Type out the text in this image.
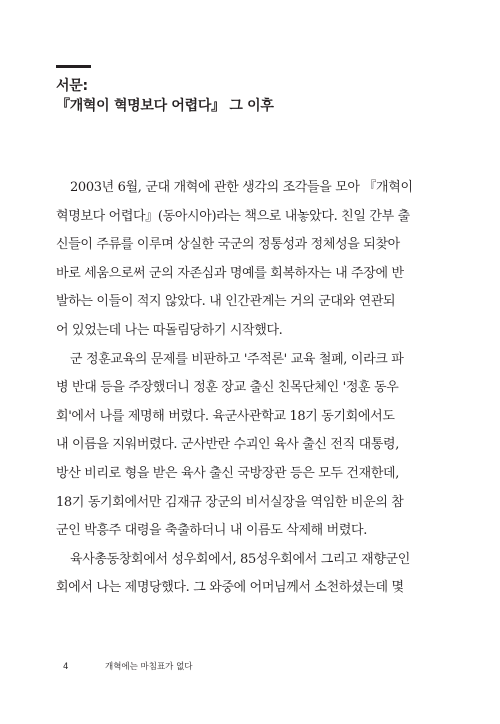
서문:
『개혁이 혁명보다 어렵다』 그 이후
2003년 6월, 군대 개혁에 관한 생각의 조각들을 모아 『개혁이
혁명보다 어렵다』(동아시아)라는 책으로 내놓았다. 친일 간부 출
신들이 주류를 이루며 상실한 국군의 정통성과 정체성을 되찾아
바로 세움으로써 군의 자존심과 명예를 회복하자는 내 주장에 반
발하는 이들이 적지 않았다. 내 인간관계는 거의 군대와 연관되
어 있었는데 나는 따돌림당하기 시작했다.
군 정훈교육의 문제를 비판하고 '주적론' 교육 철폐, 이라크 파
병 반대 등을 주장했더니 정훈 장교 출신 친목단체인 '정훈 동우
회'에서 나를 제명해 버렸다. 육군사관학교 18기 동기회에서도
내 이름을 지워버렸다. 군사반란 수괴인 육사 출신 전직 대통령,
방산 비리로 형을 받은 육사 출신 국방장관 등은 모두 건재한데,
18기 동기회에서만 김재규 장군의 비서실장을 역임한 비운의 참
군인 박흥주 대령을 축출하더니 내 이름도 삭제해 버렸다.
육사총동창회에서 성우회에서, 85성우회에서 그리고 재향군인
회에서 나는 제명당했다. 그 와중에 어머님께서 소천하셨는데 몇
4	개혁에는 마침표가 없다
